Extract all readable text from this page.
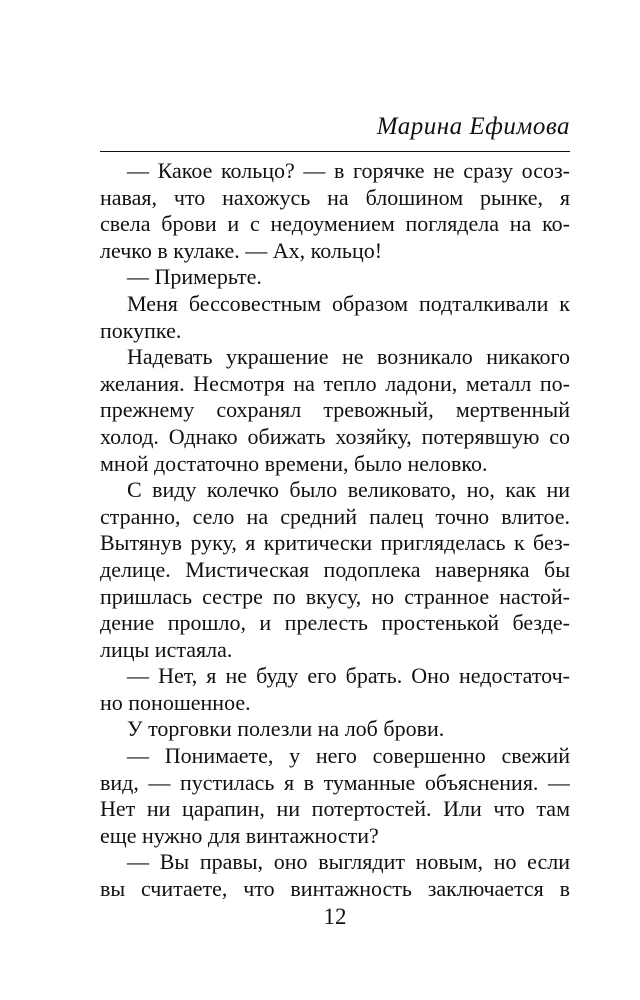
Марина Ефимова
— Какое кольцо? — в горячке не сразу осоз-
навая, что нахожусь на блошином рынке, я
свела брови и с недоумением поглядела на ко-
лечко в кулаке. — Ах, кольцо!
— Примерьте.
Меня бессовестным образом подталкивали к
покупке.
Надевать украшение не возникало никакого
желания. Несмотря на тепло ладони, металл по-
прежнему сохранял тревожный, мертвенный
холод. Однако обижать хозяйку, потерявшую со
мной достаточно времени, было неловко.
С виду колечко было великовато, но, как ни
странно, село на средний палец точно влитое.
Вытянув руку, я критически пригляделась к без-
делице. Мистическая подоплека наверняка бы
пришлась сестре по вкусу, но странное настой-
дение прошло, и прелесть простенькой безде-
лицы истаяла.
— Нет, я не буду его брать. Оно недостаточ-
но поношенное.
У торговки полезли на лоб брови.
— Понимаете, у него совершенно свежий
вид, — пустилась я в туманные объяснения. —
Нет ни царапин, ни потертостей. Или что там
еще нужно для винтажности?
— Вы правы, оно выглядит новым, но если
вы считаете, что винтажность заключается в
12
